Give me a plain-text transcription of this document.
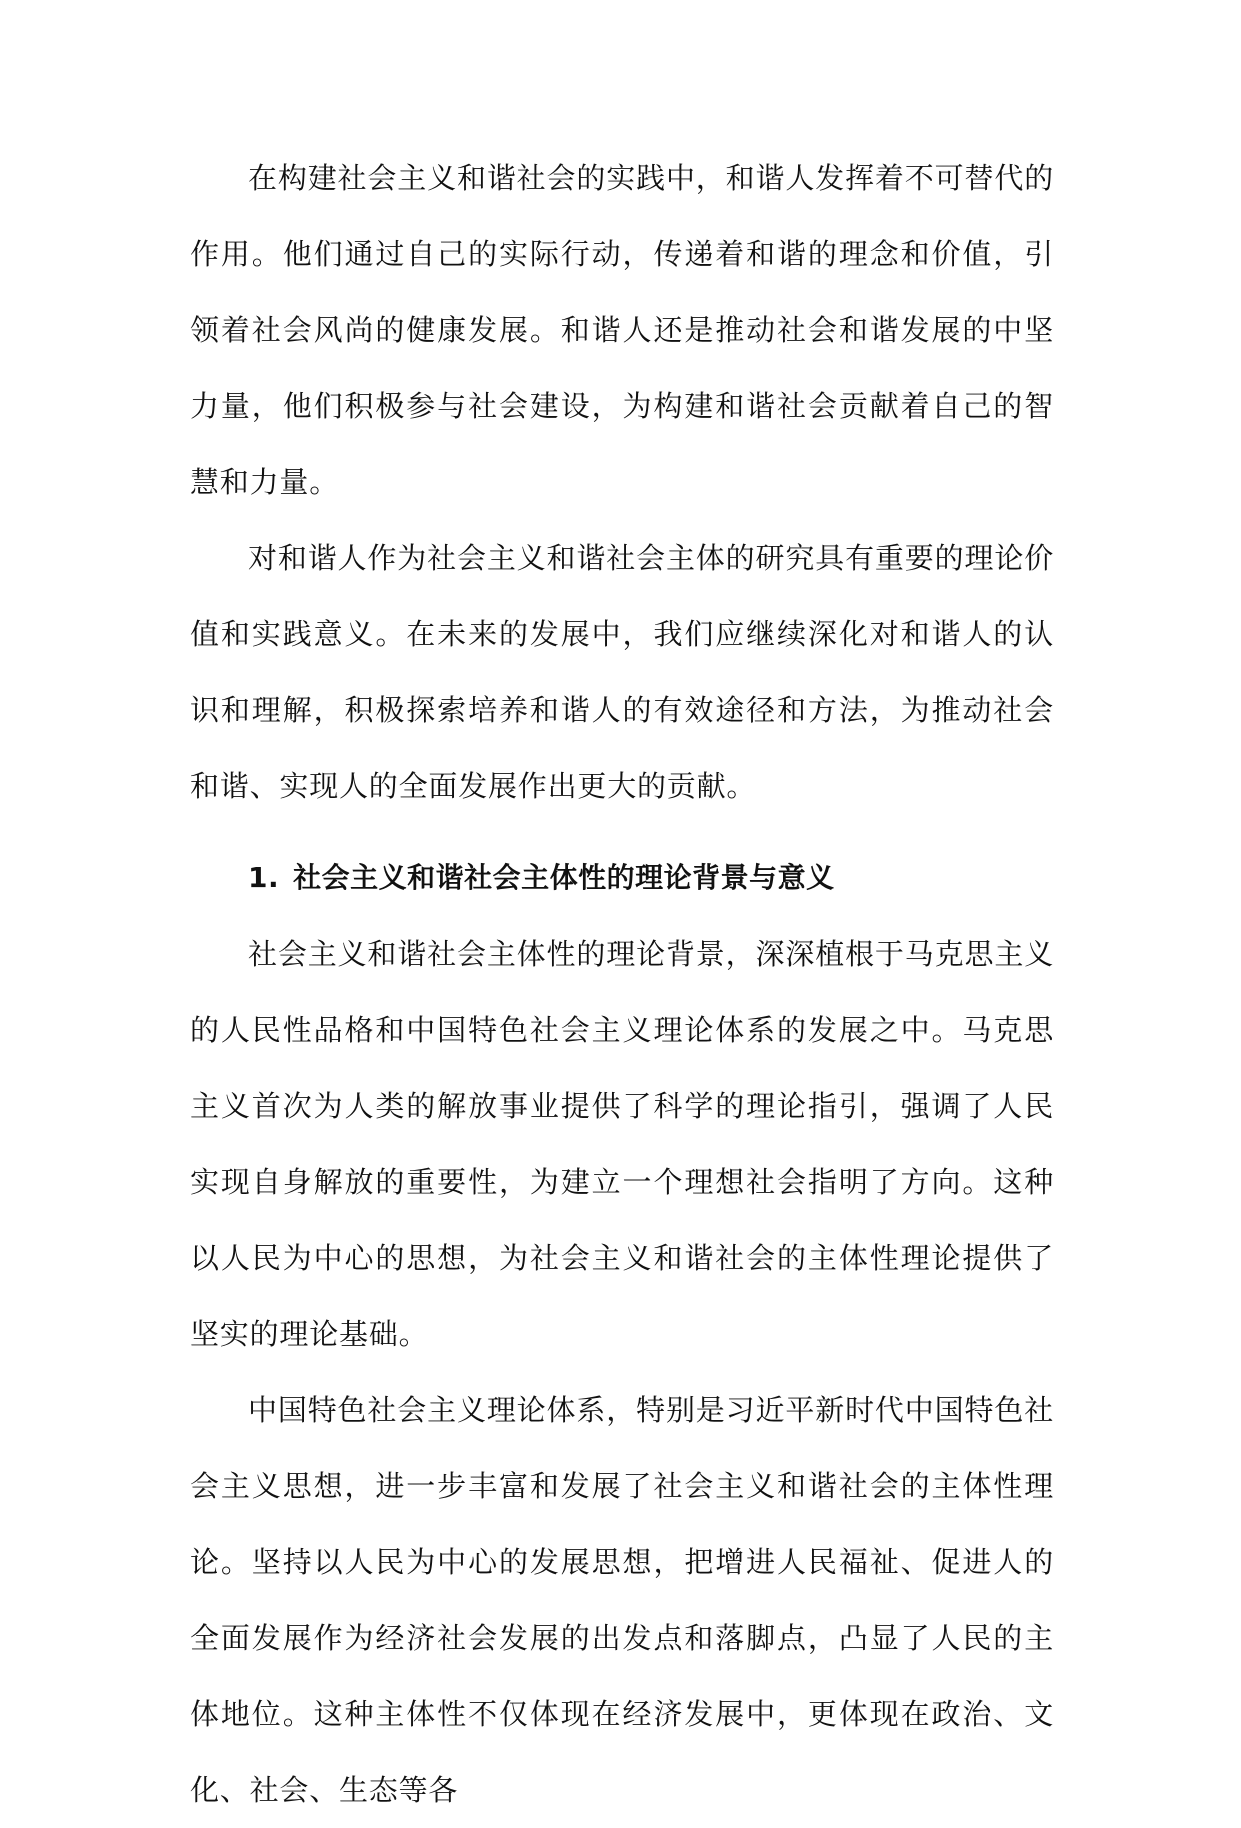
在构建社会主义和谐社会的实践中，和谐人发挥着不可替代的作用。他们通过自己的实际行动，传递着和谐的理念和价值，引领着社会风尚的健康发展。和谐人还是推动社会和谐发展的中坚力量，他们积极参与社会建设，为构建和谐社会贡献着自己的智慧和力量。

对和谐人作为社会主义和谐社会主体的研究具有重要的理论价值和实践意义。在未来的发展中，我们应继续深化对和谐人的认识和理解，积极探索培养和谐人的有效途径和方法，为推动社会和谐、实现人的全面发展作出更大的贡献。

1. 社会主义和谐社会主体性的理论背景与意义

社会主义和谐社会主体性的理论背景，深深植根于马克思主义的人民性品格和中国特色社会主义理论体系的发展之中。马克思主义首次为人类的解放事业提供了科学的理论指引，强调了人民实现自身解放的重要性，为建立一个理想社会指明了方向。这种以人民为中心的思想，为社会主义和谐社会的主体性理论提供了坚实的理论基础。

中国特色社会主义理论体系，特别是习近平新时代中国特色社会主义思想，进一步丰富和发展了社会主义和谐社会的主体性理论。坚持以人民为中心的发展思想，把增进人民福祉、促进人的全面发展作为经济社会发展的出发点和落脚点，凸显了人民的主体地位。这种主体性不仅体现在经济发展中，更体现在政治、文化、社会、生态等各
